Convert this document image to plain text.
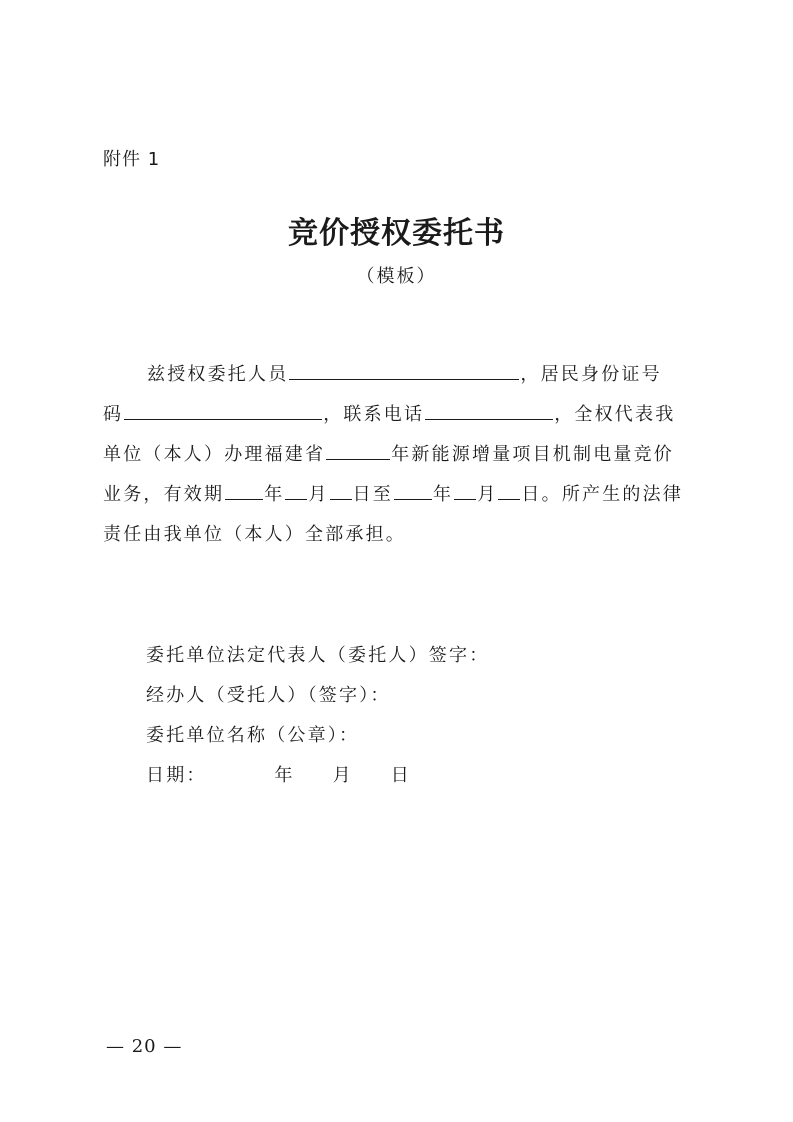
附件 1
竞价授权委托书
（模板）
兹授权委托人员	，居民身份证号
码	，联系电话	，全权代表我
单位（本人）办理福建省	年新能源增量项目机制电量竞价
业务，有效期 年 月 日至 年 月 日。所产生的法律
责任由我单位（本人）全部承担。
委托单位法定代表人（委托人）签字：
经办人（受托人）（签字）：
委托单位名称（公章）：
日期：	年 月 日
— 20 —
